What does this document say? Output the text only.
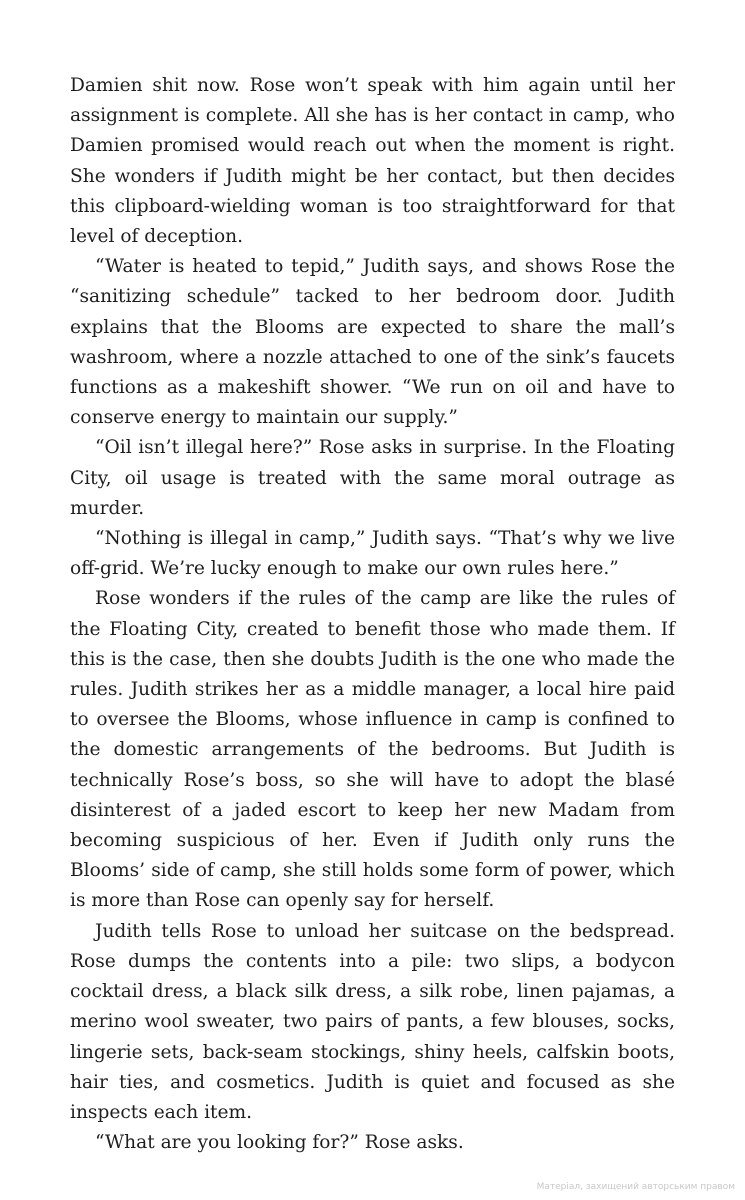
Damien shit now. Rose won’t speak with him again until her assignment is complete. All she has is her contact in camp, who Damien promised would reach out when the moment is right. She wonders if Judith might be her contact, but then decides this clipboard-wielding woman is too straightforward for that level of deception.

“Water is heated to tepid,” Judith says, and shows Rose the “sanitizing schedule” tacked to her bedroom door. Judith explains that the Blooms are expected to share the mall’s washroom, where a nozzle attached to one of the sink’s faucets functions as a makeshift shower. “We run on oil and have to conserve energy to maintain our supply.”

“Oil isn’t illegal here?” Rose asks in surprise. In the Floating City, oil usage is treated with the same moral outrage as murder.

“Nothing is illegal in camp,” Judith says. “That’s why we live off-grid. We’re lucky enough to make our own rules here.”

Rose wonders if the rules of the camp are like the rules of the Floating City, created to benefit those who made them. If this is the case, then she doubts Judith is the one who made the rules. Judith strikes her as a middle manager, a local hire paid to oversee the Blooms, whose influence in camp is confined to the domestic arrangements of the bedrooms. But Judith is technically Rose’s boss, so she will have to adopt the blasé disinterest of a jaded escort to keep her new Madam from becoming suspicious of her. Even if Judith only runs the Blooms’ side of camp, she still holds some form of power, which is more than Rose can openly say for herself.

Judith tells Rose to unload her suitcase on the bedspread. Rose dumps the contents into a pile: two slips, a bodycon cocktail dress, a black silk dress, a silk robe, linen pajamas, a merino wool sweater, two pairs of pants, a few blouses, socks, lingerie sets, back-seam stockings, shiny heels, calfskin boots, hair ties, and cosmetics. Judith is quiet and focused as she inspects each item.

“What are you looking for?” Rose asks.

Матеріал, захищений авторським правом
